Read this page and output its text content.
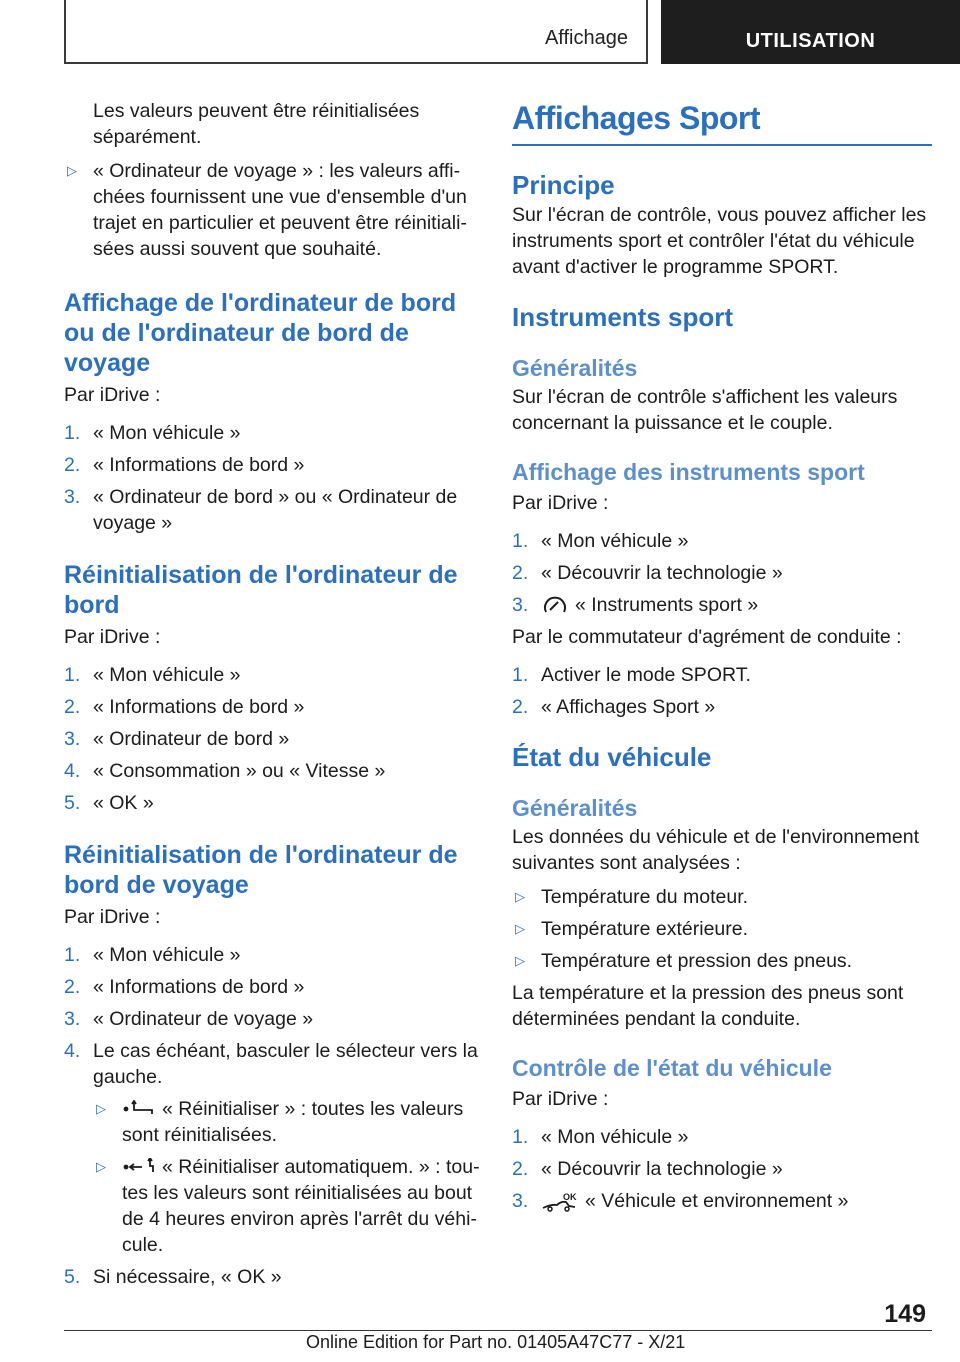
Affichage	UTILISATION
Les valeurs peuvent être réinitialisées séparément.
▷ « Ordinateur de voyage » : les valeurs affichées fournissent une vue d'ensemble d'un trajet en particulier et peuvent être réinitialisées aussi souvent que souhaité.
Affichage de l'ordinateur de bord ou de l'ordinateur de bord de voyage
Par iDrive :
1. « Mon véhicule »
2. « Informations de bord »
3. « Ordinateur de bord » ou « Ordinateur de voyage »
Réinitialisation de l'ordinateur de bord
Par iDrive :
1. « Mon véhicule »
2. « Informations de bord »
3. « Ordinateur de bord »
4. « Consommation » ou « Vitesse »
5. « OK »
Réinitialisation de l'ordinateur de bord de voyage
Par iDrive :
1. « Mon véhicule »
2. « Informations de bord »
3. « Ordinateur de voyage »
4. Le cas échéant, basculer le sélecteur vers la gauche.
▷	« Réinitialiser » : toutes les valeurs sont réinitialisées.
▷	« Réinitialiser automatiquem. » : toutes les valeurs sont réinitialisées au bout de 4 heures environ après l'arrêt du véhicule.
5. Si nécessaire, « OK »
Affichages Sport
Principe
Sur l'écran de contrôle, vous pouvez afficher les instruments sport et contrôler l'état du véhicule avant d'activer le programme SPORT.
Instruments sport
Généralités
Sur l'écran de contrôle s'affichent les valeurs concernant la puissance et le couple.
Affichage des instruments sport
Par iDrive :
1. « Mon véhicule »
2. « Découvrir la technologie »
3. « Instruments sport »
Par le commutateur d'agrément de conduite :
1. Activer le mode SPORT.
2. « Affichages Sport »
État du véhicule
Généralités
Les données du véhicule et de l'environnement suivantes sont analysées :
▷ Température du moteur.
▷ Température extérieure.
▷ Température et pression des pneus.
La température et la pression des pneus sont déterminées pendant la conduite.
Contrôle de l'état du véhicule
Par iDrive :
1. « Mon véhicule »
2. « Découvrir la technologie »
3.	OK « Véhicule et environnement »
149
Online Edition for Part no. 01405A47C77 - X/21
